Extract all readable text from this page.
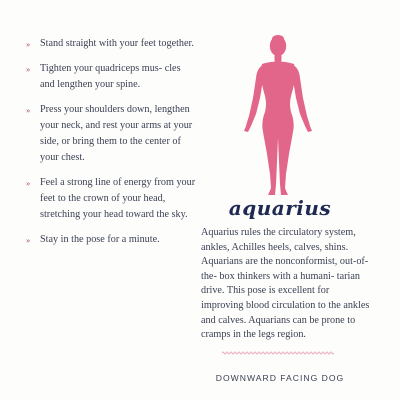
» Stand straight with your feet together.
» Tighten your quadriceps mus- cles and lengthen your spine.
» Press your shoulders down, lengthen your neck, and rest your arms at your side, or bring them to the center of your chest.
» Feel a strong line of energy from your feet to the crown of your head, stretching your head toward the sky.
» Stay in the pose for a minute.
aquarius

Aquarius rules the circulatory system, ankles, Achilles heels, calves, shins. Aquarians are the nonconformist, out-of- the- box thinkers with a humani- tarian drive. This pose is excellent for improving blood circulation to the ankles and calves. Aquarians can be prone to cramps in the legs region.

DOWNWARD FACING DOG
